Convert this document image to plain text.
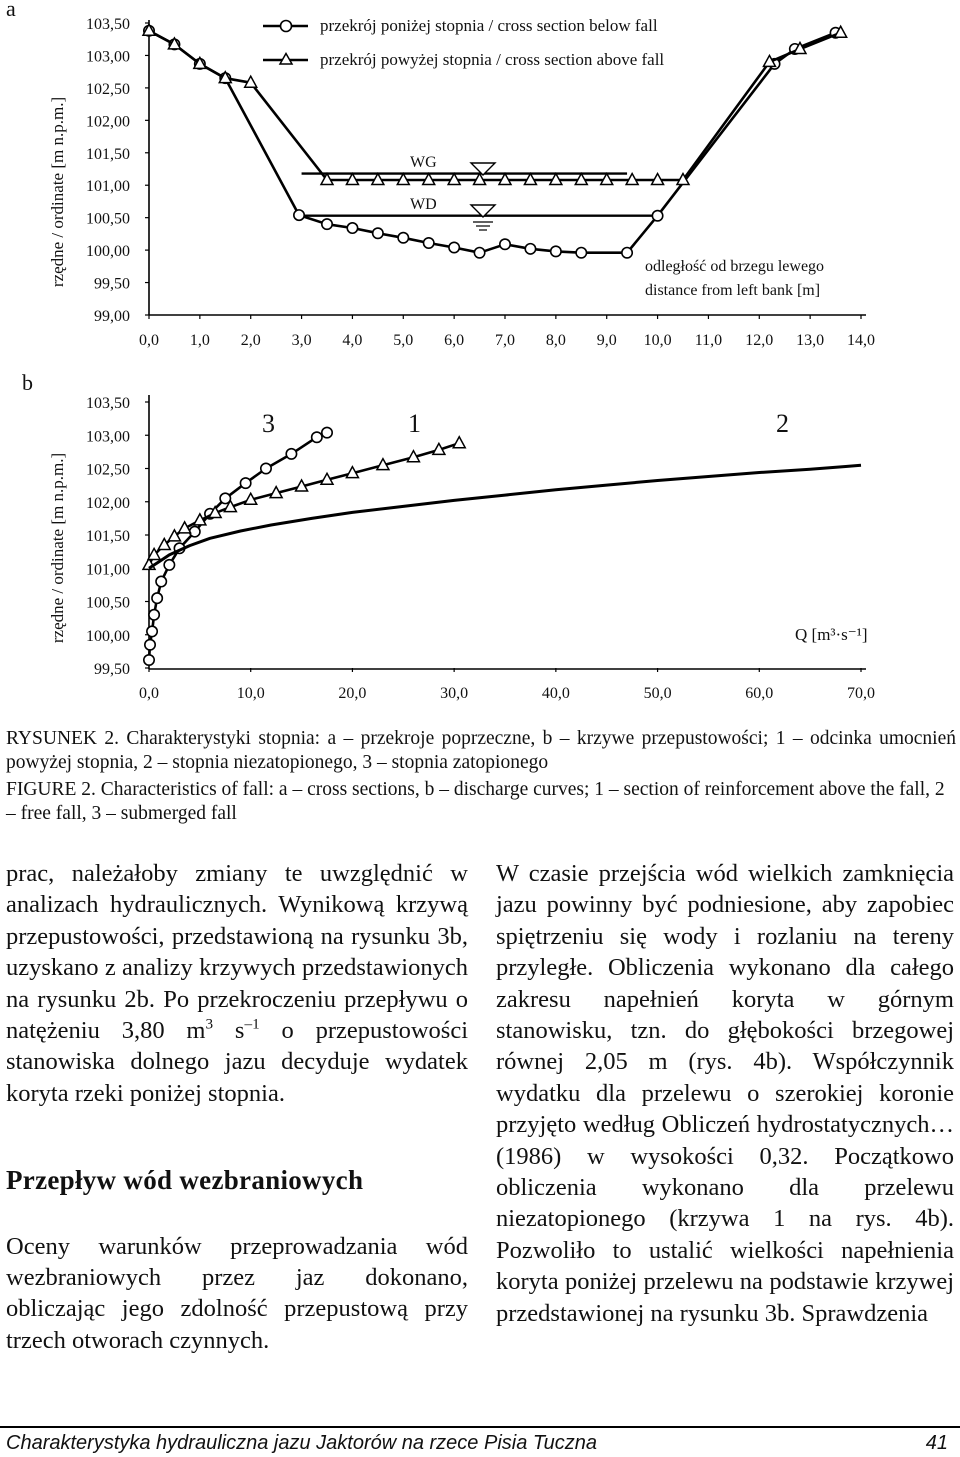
a
rzędne / ordinate [m n.p.m.]
103,50
103,00
102,50
102,00
101,50
101,00
100,50
100,00
99,50
99,00
0,0 1,0 2,0 3,0 4,0 5,0 6,0 7,0 8,0 9,0 10,0 11,0 12,0 13,0 14,0
przekrój poniżej stopnia / cross section below fall
przekrój powyżej stopnia / cross section above fall
WG
WD
odległość od brzegu lewego
distance from left bank [m]
b
rzędne / ordinate [m n.p.m.]
103,50
103,00
102,50
102,00
101,50
101,00
100,50
100,00
99,50
0,0	10,0	20,0	30,0	40,0	50,0	60,0	70,0
3	1	2
Q [m³·s⁻¹]
RYSUNEK 2. Charakterystyki stopnia: a – przekroje poprzeczne, b – krzywe przepustowości; 1 – odcinka umocnień powyżej stopnia, 2 – stopnia niezatopionego, 3 – stopnia zatopionego
FIGURE 2. Characteristics of fall: a – cross sections, b – discharge curves; 1 – section of reinforcement above the fall, 2 – free fall, 3 – submerged fall

prac, należałoby zmiany te uwzględnić w analizach hydraulicznych. Wynikową krzywą przepustowości, przedstawioną na rysunku 3b, uzyskano z analizy krzywych przedstawionych na rysunku 2b. Po przekroczeniu przepływu o natężeniu 3,80 $m^3$ $s^{-1}$ o przepustowości stanowiska dolnego jazu decyduje wydatek koryta rzeki poniżej stopnia.

Przepływ wód wezbraniowych

Oceny warunków przeprowadzania wód wezbraniowych przez jaz dokonano, obliczając jego zdolność przepustową przy trzech otworach czynnych.

W czasie przejścia wód wielkich zamknięcia jazu powinny być podniesione, aby zapobiec spiętrzeniu się wody i rozlaniu na tereny przyległe. Obliczenia wykonano dla całego zakresu napełnień koryta w górnym stanowisku, tzn. do głębokości brzegowej równej 2,05 m (rys. 4b). Współczynnik wydatku dla przelewu o szerokiej koronie przyjęto według Obliczeń hydrostatycznych… (1986) w wysokości 0,32. Początkowo obliczenia wykonano dla przelewu niezatopionego (krzywa 1 na rys. 4b). Pozwoliło to ustalić wielkości napełnienia koryta poniżej przelewu na podstawie krzywej przedstawionej na rysunku 3b. Sprawdzenia

Charakterystyka hydrauliczna jazu Jaktorów na rzece Pisia Tuczna	41
